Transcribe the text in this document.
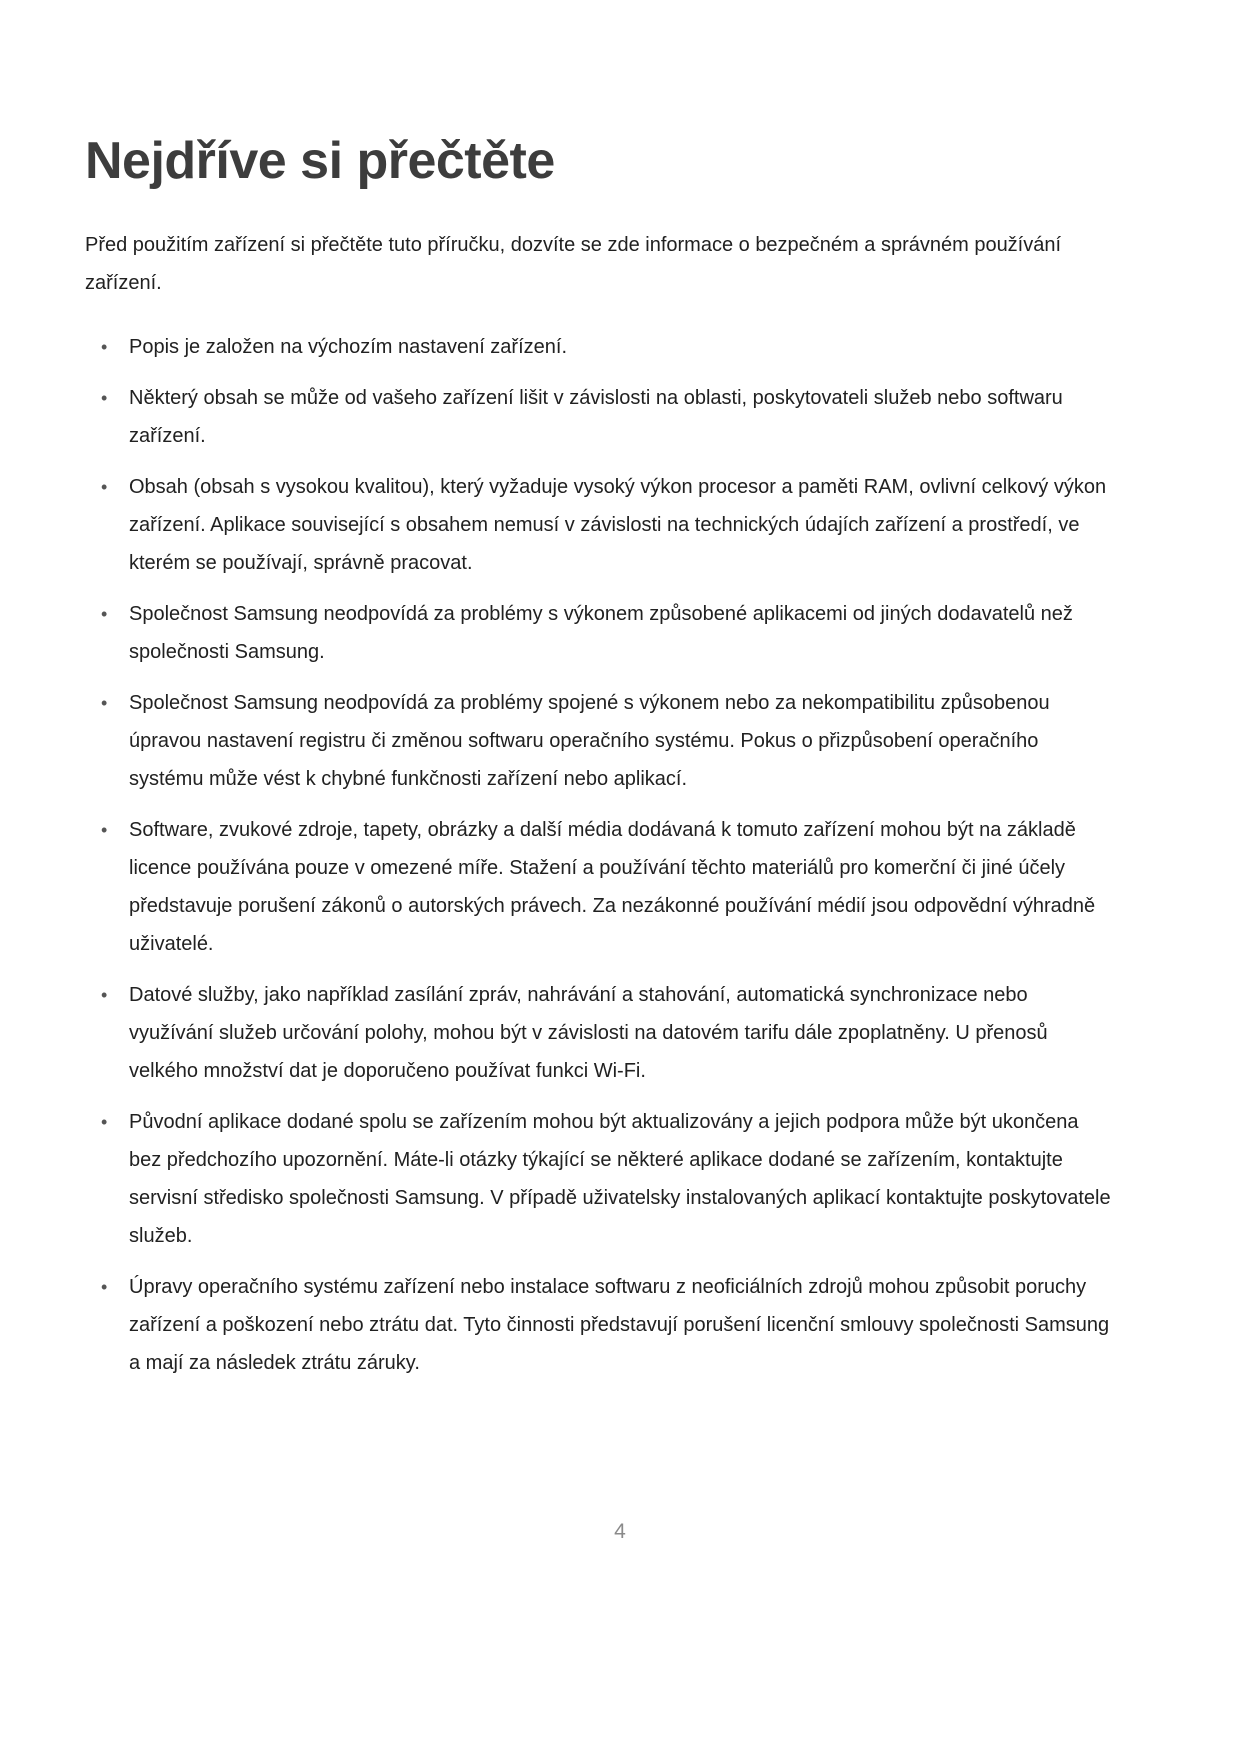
Nejdříve si přečtěte

Před použitím zařízení si přečtěte tuto příručku, dozvíte se zde informace o bezpečném a správném používání zařízení.

• Popis je založen na výchozím nastavení zařízení.
• Některý obsah se může od vašeho zařízení lišit v závislosti na oblasti, poskytovateli služeb nebo softwaru zařízení.
• Obsah (obsah s vysokou kvalitou), který vyžaduje vysoký výkon procesor a paměti RAM, ovlivní celkový výkon zařízení. Aplikace související s obsahem nemusí v závislosti na technických údajích zařízení a prostředí, ve kterém se používají, správně pracovat.
• Společnost Samsung neodpovídá za problémy s výkonem způsobené aplikacemi od jiných dodavatelů než společnosti Samsung.
• Společnost Samsung neodpovídá za problémy spojené s výkonem nebo za nekompatibilitu způsobenou úpravou nastavení registru či změnou softwaru operačního systému. Pokus o přizpůsobení operačního systému může vést k chybné funkčnosti zařízení nebo aplikací.
• Software, zvukové zdroje, tapety, obrázky a další média dodávaná k tomuto zařízení mohou být na základě licence používána pouze v omezené míře. Stažení a používání těchto materiálů pro komerční či jiné účely představuje porušení zákonů o autorských právech. Za nezákonné používání médií jsou odpovědní výhradně uživatelé.
• Datové služby, jako například zasílání zpráv, nahrávání a stahování, automatická synchronizace nebo využívání služeb určování polohy, mohou být v závislosti na datovém tarifu dále zpoplatněny. U přenosů velkého množství dat je doporučeno používat funkci Wi-Fi.
• Původní aplikace dodané spolu se zařízením mohou být aktualizovány a jejich podpora může být ukončena bez předchozího upozornění. Máte-li otázky týkající se některé aplikace dodané se zařízením, kontaktujte servisní středisko společnosti Samsung. V případě uživatelsky instalovaných aplikací kontaktujte poskytovatele služeb.
• Úpravy operačního systému zařízení nebo instalace softwaru z neoficiálních zdrojů mohou způsobit poruchy zařízení a poškození nebo ztrátu dat. Tyto činnosti představují porušení licenční smlouvy společnosti Samsung a mají za následek ztrátu záruky.
4
